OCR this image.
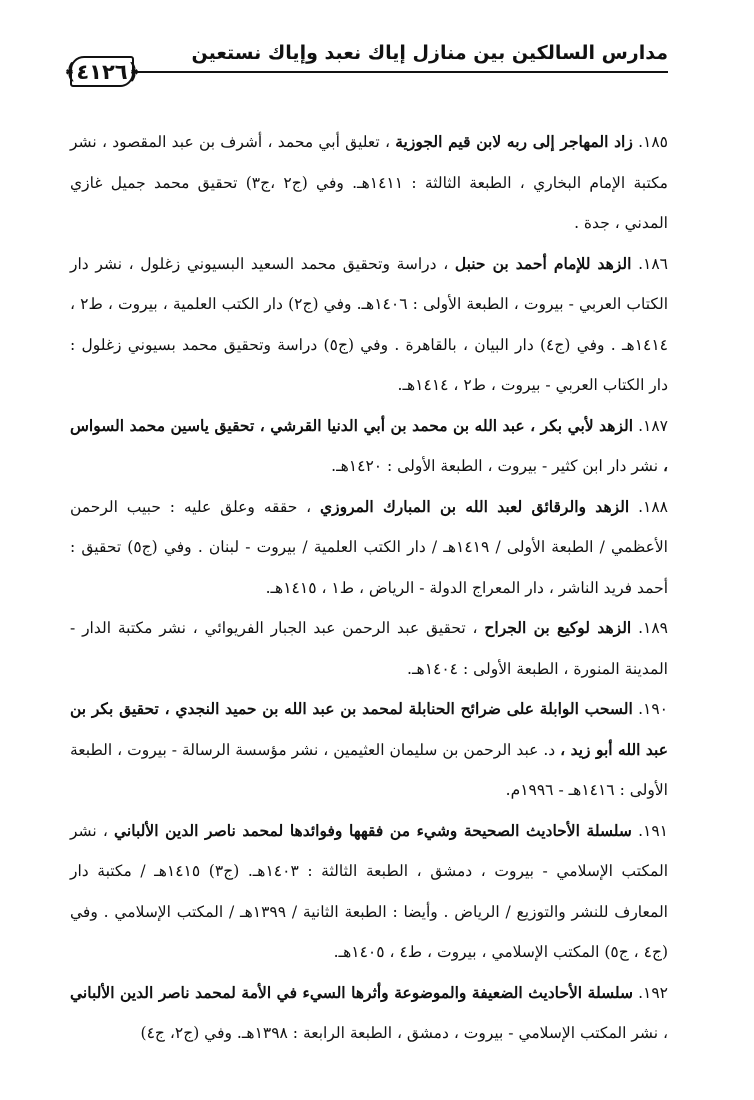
مدارس السالكين بين منازل إياك نعبد وإياك نستعين
﴿٤١٢٦﴾

١٨٥. زاد المهاجر إلى ربه لابن قيم الجوزية ، تعليق أبي محمد ، أشرف بن عبد المقصود ، نشر مكتبة الإمام البخاري ، الطبعة الثالثة : ١٤١١هـ. وفي (ج٢ ،ج٣) تحقيق محمد جميل غازي المدني ، جدة .

١٨٦. الزهد للإمام أحمد بن حنبل ، دراسة وتحقيق محمد السعيد البسيوني زغلول ، نشر دار الكتاب العربي - بيروت ، الطبعة الأولى : ١٤٠٦هـ. وفي (ج٢) دار الكتب العلمية ، بيروت ، ط٢ ، ١٤١٤هـ . وفي (ج٤) دار البيان ، بالقاهرة . وفي (ج٥) دراسة وتحقيق محمد بسيوني زغلول : دار الكتاب العربي - بيروت ، ط٢ ، ١٤١٤هـ.

١٨٧. الزهد لأبي بكر ، عبد الله بن محمد بن أبي الدنيا القرشي ، تحقيق ياسين محمد السواس ، نشر دار ابن كثير - بيروت ، الطبعة الأولى : ١٤٢٠هـ.

١٨٨. الزهد والرقائق لعبد الله بن المبارك المروزي ، حققه وعلق عليه : حبيب الرحمن الأعظمي / الطبعة الأولى / ١٤١٩هـ / دار الكتب العلمية / بيروت - لبنان . وفي (ج٥) تحقيق : أحمد فريد الناشر ، دار المعراج الدولة - الرياض ، ط١ ، ١٤١٥هـ.

١٨٩. الزهد لوكيع بن الجراح ، تحقيق عبد الرحمن عبد الجبار الفريوائي ، نشر مكتبة الدار - المدينة المنورة ، الطبعة الأولى : ١٤٠٤هـ.

١٩٠. السحب الوابلة على ضرائح الحنابلة لمحمد بن عبد الله بن حميد النجدي ، تحقيق بكر بن عبد الله أبو زيد ، د. عبد الرحمن بن سليمان العثيمين ، نشر مؤسسة الرسالة - بيروت ، الطبعة الأولى : ١٤١٦هـ - ١٩٩٦م.

١٩١. سلسلة الأحاديث الصحيحة وشيء من فقهها وفوائدها لمحمد ناصر الدين الألباني ، نشر المكتب الإسلامي - بيروت ، دمشق ، الطبعة الثالثة : ١٤٠٣هـ. (ج٣) ١٤١٥هـ / مكتبة دار المعارف للنشر والتوزيع / الرياض . وأيضا : الطبعة الثانية / ١٣٩٩هـ / المكتب الإسلامي . وفي (ج٤ ، ج٥) المكتب الإسلامي ، بيروت ، ط٤ ، ١٤٠٥هـ.

١٩٢. سلسلة الأحاديث الضعيفة والموضوعة وأثرها السيء في الأمة لمحمد ناصر الدين الألباني ، نشر المكتب الإسلامي - بيروت ، دمشق ، الطبعة الرابعة : ١٣٩٨هـ. وفي (ج٢، ج٤)
